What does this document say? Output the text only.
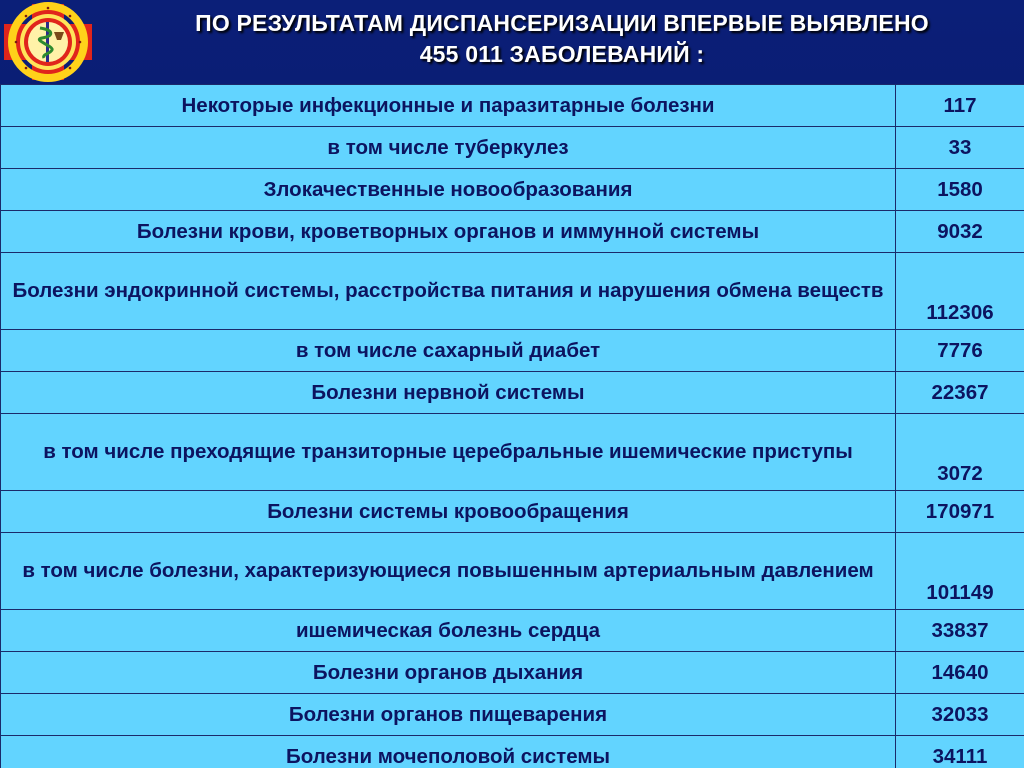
ПО РЕЗУЛЬТАТАМ ДИСПАНСЕРИЗАЦИИ ВПЕРВЫЕ ВЫЯВЛЕНО
455 011 ЗАБОЛЕВАНИЙ :
Некоторые инфекционные и паразитарные болезни	117
в том числе туберкулез	33
Злокачественные новообразования	1580
Болезни крови, кроветворных органов и иммунной системы	9032
Болезни эндокринной системы, расстройства питания и нарушения обмена веществ	112306
в том числе сахарный диабет	7776
Болезни нервной системы	22367
в том числе преходящие транзиторные церебральные ишемические приступы	3072
Болезни системы кровообращения	170971
в том числе болезни, характеризующиеся повышенным артериальным давлением	101149
ишемическая болезнь сердца	33837
Болезни органов дыхания	14640
Болезни органов пищеварения	32033
Болезни мочеполовой системы	34111
